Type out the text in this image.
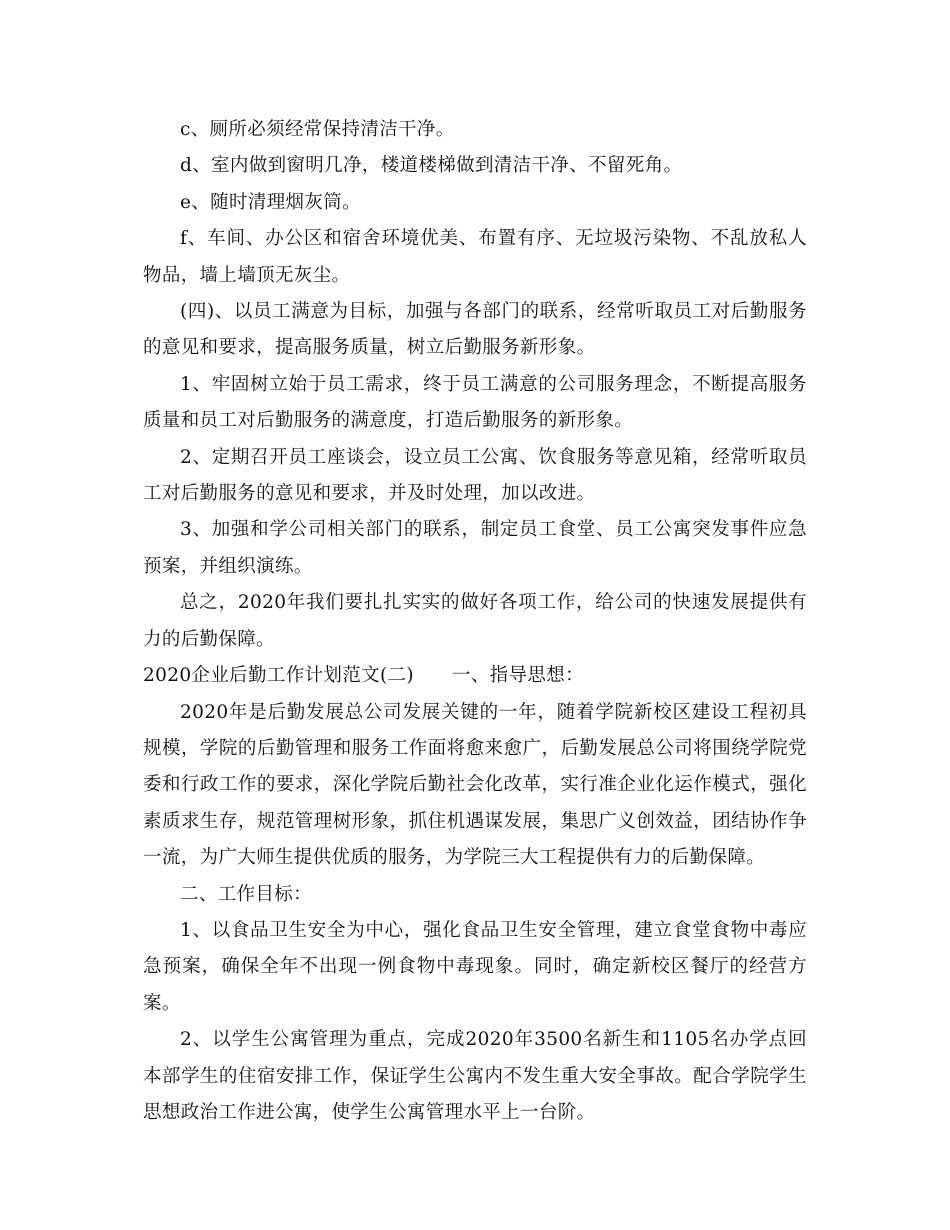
c、厕所必须经常保持清洁干净。

d、室内做到窗明几净，楼道楼梯做到清洁干净、不留死角。

e、随时清理烟灰筒。

f、车间、办公区和宿舍环境优美、布置有序、无垃圾污染物、不乱放私人物品，墙上墙顶无灰尘。

(四)、以员工满意为目标，加强与各部门的联系，经常听取员工对后勤服务的意见和要求，提高服务质量，树立后勤服务新形象。

1、牢固树立始于员工需求，终于员工满意的公司服务理念，不断提高服务质量和员工对后勤服务的满意度，打造后勤服务的新形象。

2、定期召开员工座谈会，设立员工公寓、饮食服务等意见箱，经常听取员工对后勤服务的意见和要求，并及时处理，加以改进。

3、加强和学公司相关部门的联系，制定员工食堂、员工公寓突发事件应急预案，并组织演练。

总之，2020年我们要扎扎实实的做好各项工作，给公司的快速发展提供有力的后勤保障。

2020企业后勤工作计划范文(二) 一、指导思想：

2020年是后勤发展总公司发展关键的一年，随着学院新校区建设工程初具规模，学院的后勤管理和服务工作面将愈来愈广，后勤发展总公司将围绕学院党委和行政工作的要求，深化学院后勤社会化改革，实行准企业化运作模式，强化素质求生存，规范管理树形象，抓住机遇谋发展，集思广义创效益，团结协作争一流，为广大师生提供优质的服务，为学院三大工程提供有力的后勤保障。

二、工作目标：

1、以食品卫生安全为中心，强化食品卫生安全管理，建立食堂食物中毒应急预案，确保全年不出现一例食物中毒现象。同时，确定新校区餐厅的经营方案。

2、以学生公寓管理为重点，完成2020年3500名新生和1105名办学点回本部学生的住宿安排工作，保证学生公寓内不发生重大安全事故。配合学院学生思想政治工作进公寓，使学生公寓管理水平上一台阶。
